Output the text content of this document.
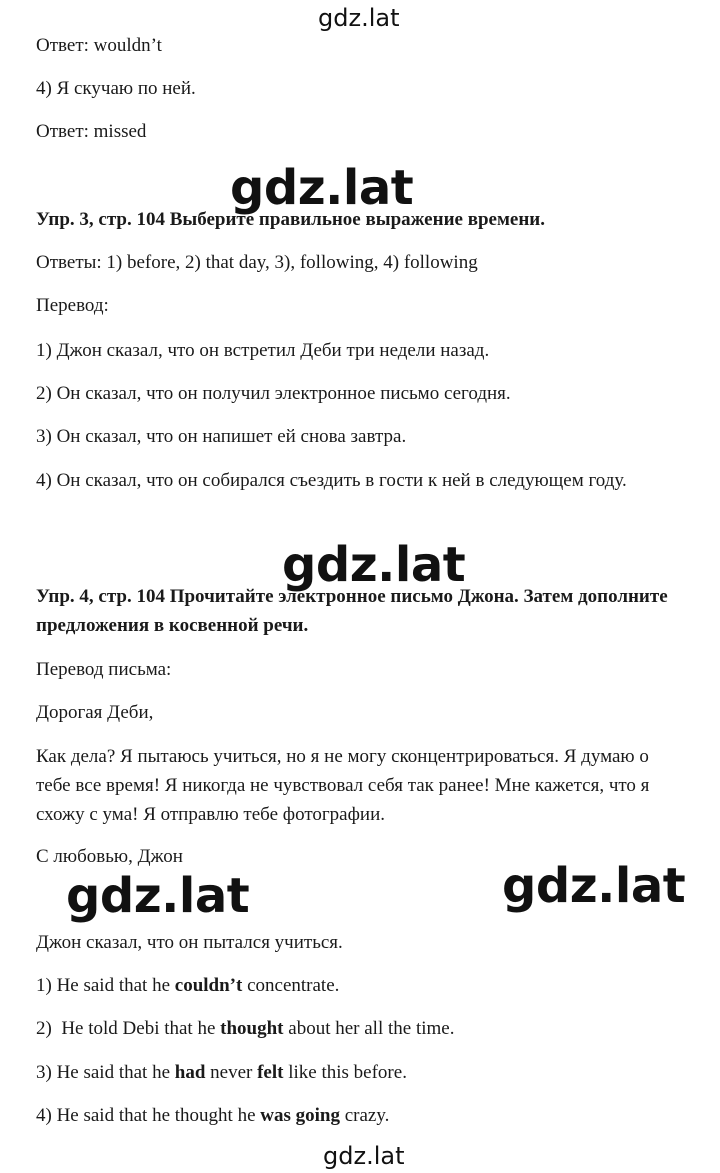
gdz.lat

Ответ: wouldn’t

4) Я скучаю по ней.

Ответ: missed

Упр. 3, стр. 104 Выберите правильное выражение времени.

gdz.lat

Ответы: 1) before, 2) that day, 3), following, 4) following

Перевод:

1) Джон сказал, что он встретил Деби три недели назад.

2) Он сказал, что он получил электронное письмо сегодня.

3) Он сказал, что он напишет ей снова завтра.

4) Он сказал, что он собирался съездить в гости к ней в следующем году.

Упр. 4, стр. 104 Прочитайте электронное письмо Джона. Затем дополните предложения в косвенной речи.

gdz.lat

Перевод письма:

Дорогая Деби,

Как дела? Я пытаюсь учиться, но я не могу сконцентрироваться. Я думаю о тебе все время! Я никогда не чувствовал себя так ранее! Мне кажется, что я схожу с ума! Я отправлю тебе фотографии.

С любовью, Джон

gdz.lat	gdz.lat

Джон сказал, что он пытался учиться.

1) He said that he couldn’t concentrate.

2)  He told Debi that he thought about her all the time.

3) He said that he had never felt like this before.

4) He said that he thought he was going crazy.

gdz.lat
